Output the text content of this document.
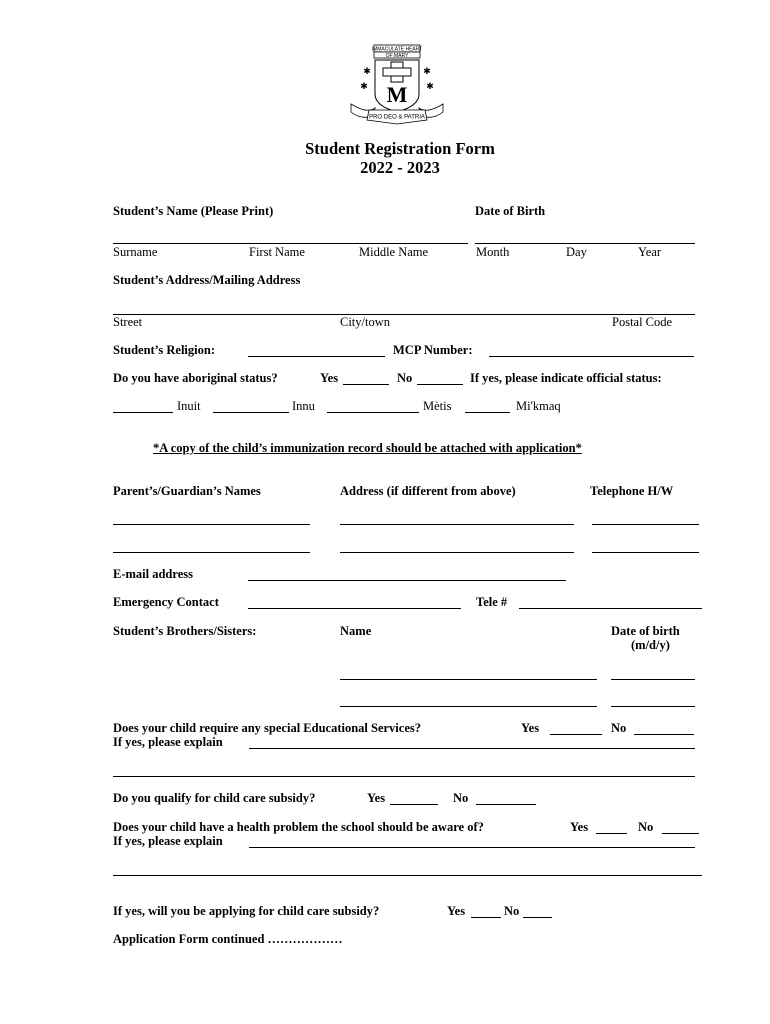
IMMACULATE HEART
OF MARY
✱	✱
✱	✱
M
PRO DEO & PATRIA
Student Registration Form
2022 - 2023
Student’s Name (Please Print)	Date of Birth
Surname	First Name	Middle Name	Month	Day	Year
Student’s Address/Mailing Address
Street	City/town	Postal Code
Student’s Religion:	MCP Number:
Do you have aboriginal status?	Yes	No	If yes, please indicate official status:
Inuit	Innu	Mètis	Mi'kmaq
*A copy of the child’s immunization record should be attached with application*
Parent’s/Guardian’s Names	Address (if different from above)	Telephone H/W
E-mail address
Emergency Contact	Tele #
Student’s Brothers/Sisters:	Name	Date of birth
(m/d/y)
Does your child require any special Educational Services?	Yes	No
If yes, please explain
Do you qualify for child care subsidy?	Yes	No
Does your child have a health problem the school should be aware of?	Yes	No
If yes, please explain
If yes, will you be applying for child care subsidy?	Yes	No
Application Form continued ………………
